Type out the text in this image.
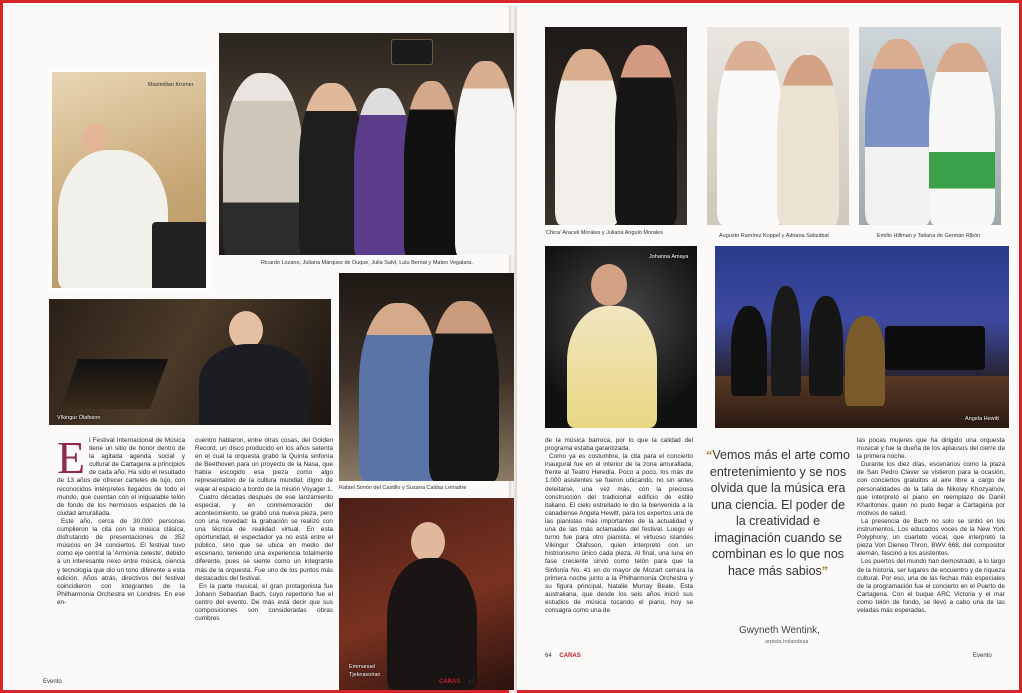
Maximilian Kromer
Ricardo Lozano, Juliana Márquez de Duque, Julia Salvi, Lulu Bernal y Mateo Vegalara.
Víkingur Ólafsson
Rafael Simón del Castillo y Susana Caldas Lemaitre
Emmanuel
Tjeknavorian
E l Festival Internacional de Música tiene un sitio de honor dentro de la agitada agenda social y cultural de Cartagena a principios de cada año. Ha sido el resultado de 13 años de ofrecer carteles de lujo, con reconocidos intérpretes llegados de todo el mundo, que cuentan con el inigualable telón de fondo de los hermosos espacios de la ciudad amurallada.

Este año, cerca de 30.000 personas cumplieron la cita con la música clásica, disfrutando de presentaciones de 352 músicos en 34 conciertos. El festival tuvo como eje central la 'Armonía celeste', debido a un interesante nexo entre música, ciencia y tecnología que dio un tono diferente a esta edición. Años atrás, directivos del festival coincidieron con integrantes de la Philharmonia Orchestra en Londres. En ese en-
cuentro hablaron, entre otras cosas, del Golden Record, un disco producido en los años setenta en el cual la orquesta grabó la Quinta sinfonía de Beethoven para un proyecto de la Nasa, que había escogido esa pieza como algo representativo de la cultura mundial, digno de viajar al espacio a bordo de la misión Voyager 1.
Cuatro décadas después de ese lanzamiento especial, y en conmemoración del acontecimiento, se grabó una nueva pieza, pero con una novedad: la grabación se realizó con una técnica de realidad virtual. En esta oportunidad, el espectador ya no está entre el público, sino que se ubica en medio del escenario, teniendo una experiencia totalmente diferente, pues se siente como un integrante más de la orquesta. Fue uno de los puntos más destacados del festival.
En la parte musical, el gran protagonista fue Johann Sebastian Bach, cuyo repertorio fue el centro del evento. De más está decir que sus composiciones son consideradas obras cumbres
Evento	CARAS 63
'Chica' Araceli Morales y Juliana Angulo Morales	Augusto Ramírez Koppel y Adriana Satizábal	Emilio Hillman y Tatiana de Germán Ribón
Johanna Amaya
Angela Hewitt
de la música barroca, por lo que la calidad del programa estaba garantizada.
Como ya es costumbre, la cita para el concierto inaugural fue en el interior de la zona amurallada, frente al Teatro Heredia. Poco a poco, los más de 1.000 asistentes se fueron ubicando, no sin antes deleitarse, una vez más, con la preciosa construcción del tradicional edificio de estilo italiano. El cielo estrellado le dio la bienvenida a la canadiense Angela Hewitt, para los expertos una de las pianistas más importantes de la actualidad y una de las más aclamadas del festival. Luego el turno fue para otro pianista, el virtuoso islandés Víkingur Ólafsson, quien interpretó con un histrionismo único cada pieza. Al final, una luna en fase creciente sirvió como telón para que la Sinfonía No. 41 en do mayor de Mozart cerrara la primera noche junto a la Philharmonia Orchestra y su figura principal, Natalie Murray Beale. Esta australiana, que desde los seis años inició sus estudios de música tocando el piano, hoy se consagra como una de
“Vemos más el arte como entretenimiento y se nos olvida que la música era una ciencia. El poder de la creatividad e imaginación cuando se combinan es lo que nos hace más sabios”
Gwyneth Wentink,
arpista holandesa
las pocas mujeres que ha dirigido una orquesta musical y fue la dueña de los aplausos del cierre de la primera noche.
Durante los diez días, escenarios como la plaza de San Pedro Claver se vistieron para la ocasión, con conciertos gratuitos al aire libre a cargo de personalidades de la talla de Nikolay Khozyainov, que interpretó el piano en reemplazo de Daniil Kharitonov, quien no pudo llegar a Cartagena por motivos de salud.
La presencia de Bach no solo se sintió en los instrumentos. Los educados voces de la New York Polyphony, un cuarteto vocal, que interpretó la pieza Von Dieneo Thron, BWV 668, del compositor alemán, fascinó a los asistentes.
Los puertos del mundo han demostrado, a lo largo de la historia, ser lugares de encuentro y de riqueza cultural. Por eso, una de las fechas más especiales de la programación fue el concierto en el Puerto de Cartagena. Con el buque ARC Victoria y el mar como telón de fondo, se llevó a cabo una de las veladas más esperadas.
64 CARAS	Evento
